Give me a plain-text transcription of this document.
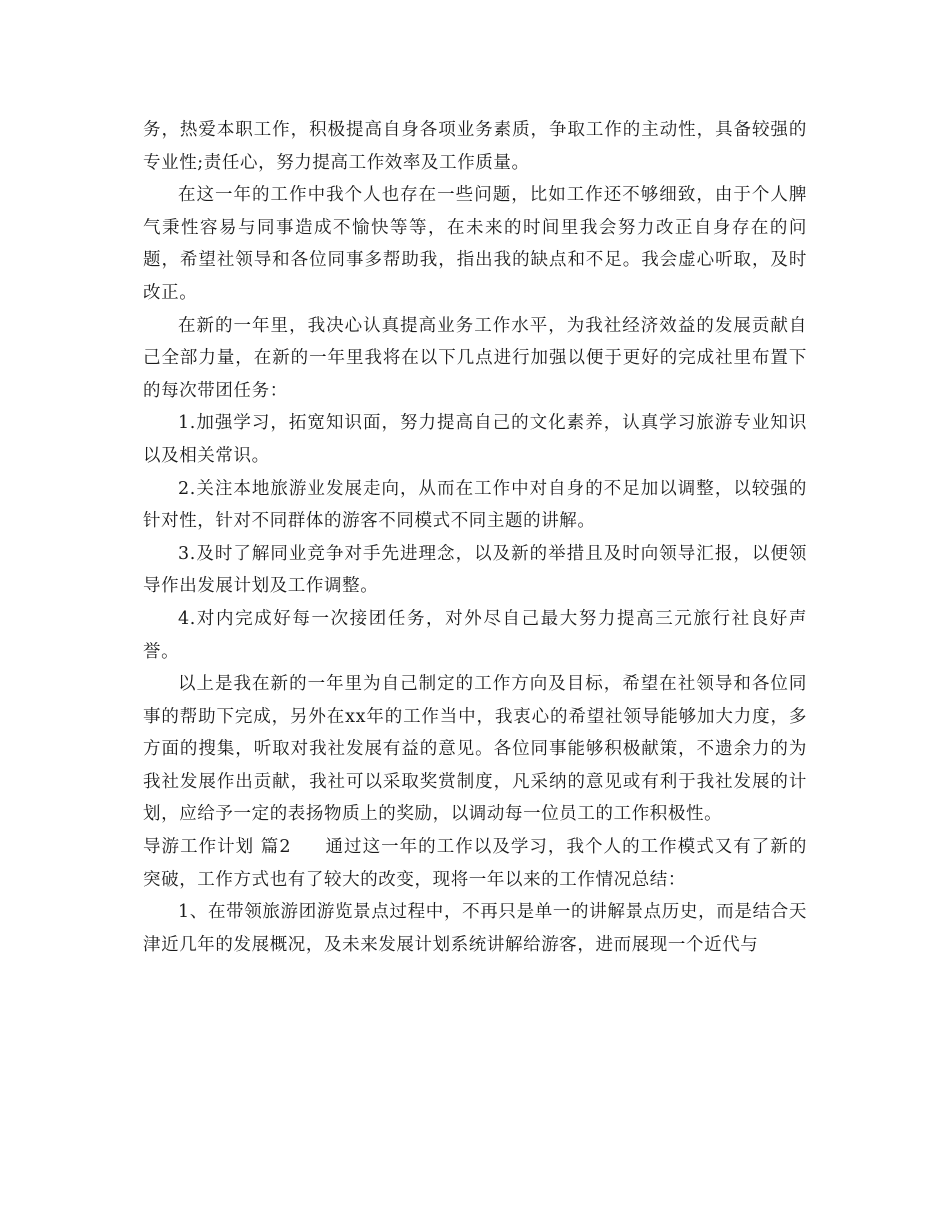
务，热爱本职工作，积极提高自身各项业务素质，争取工作的主动性，具备较强的专业性;责任心，努力提高工作效率及工作质量。

在这一年的工作中我个人也存在一些问题，比如工作还不够细致，由于个人脾气秉性容易与同事造成不愉快等等，在未来的时间里我会努力改正自身存在的问题，希望社领导和各位同事多帮助我，指出我的缺点和不足。我会虚心听取，及时改正。

在新的一年里，我决心认真提高业务工作水平，为我社经济效益的发展贡献自己全部力量，在新的一年里我将在以下几点进行加强以便于更好的完成社里布置下的每次带团任务：

1.加强学习，拓宽知识面，努力提高自己的文化素养，认真学习旅游专业知识以及相关常识。

2.关注本地旅游业发展走向，从而在工作中对自身的不足加以调整，以较强的针对性，针对不同群体的游客不同模式不同主题的讲解。

3.及时了解同业竞争对手先进理念，以及新的举措且及时向领导汇报，以便领导作出发展计划及工作调整。

4.对内完成好每一次接团任务，对外尽自己最大努力提高三元旅行社良好声誉。

以上是我在新的一年里为自己制定的工作方向及目标，希望在社领导和各位同事的帮助下完成，另外在xx年的工作当中，我衷心的希望社领导能够加大力度，多方面的搜集，听取对我社发展有益的意见。各位同事能够积极献策，不遗余力的为我社发展作出贡献，我社可以采取奖赏制度，凡采纳的意见或有利于我社发展的计划，应给予一定的表扬物质上的奖励，以调动每一位员工的工作积极性。

导游工作计划 篇2 通过这一年的工作以及学习，我个人的工作模式又有了新的突破，工作方式也有了较大的改变，现将一年以来的工作情况总结：

1、在带领旅游团游览景点过程中，不再只是单一的讲解景点历史，而是结合天津近几年的发展概况，及未来发展计划系统讲解给游客，进而展现一个近代与
